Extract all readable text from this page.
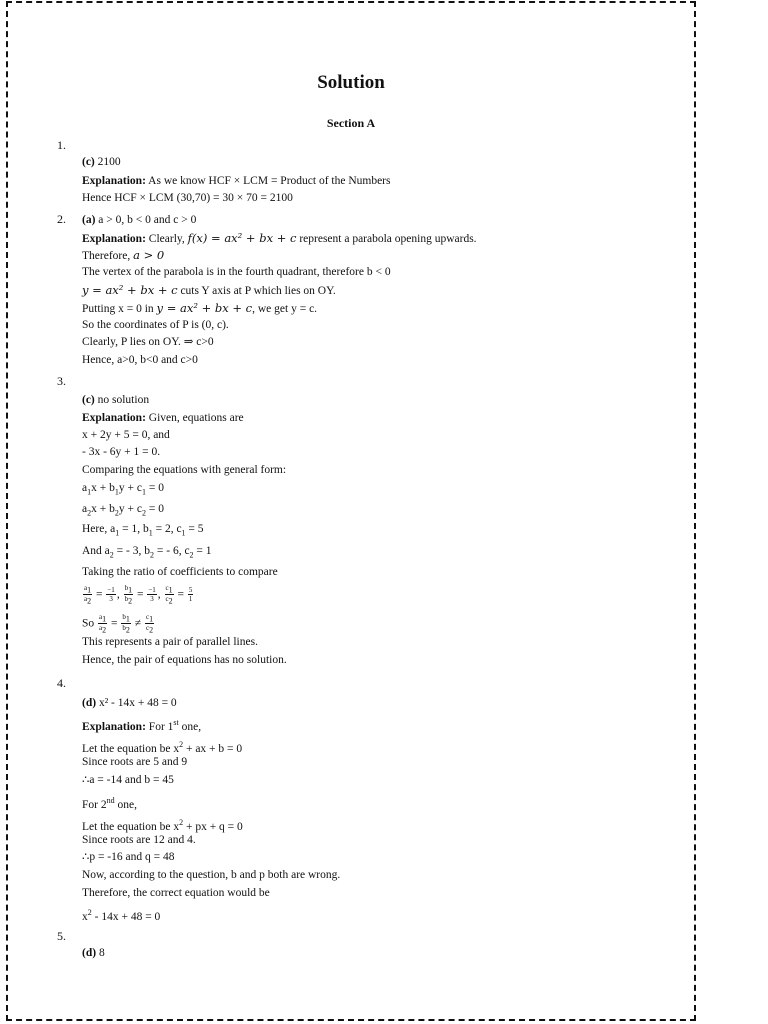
Solution
Section A
1.
(c) 2100
Explanation: As we know HCF × LCM = Product of the Numbers
Hence HCF × LCM (30,70) = 30 × 70 = 2100
2. (a) a > 0, b < 0 and c > 0
Explanation: Clearly, f(x) = ax² + bx + c represent a parabola opening upwards.
Therefore, a > 0
The vertex of the parabola is in the fourth quadrant, therefore b < 0
y = ax² + bx + c cuts Y axis at P which lies on OY.
Putting x = 0 in y = ax² + bx + c, we get y = c.
So the coordinates of P is (0, c).
Clearly, P lies on OY. ⇒ c>0
Hence, a>0, b<0 and c>0
3.
(c) no solution
Explanation: Given, equations are
x + 2y + 5 = 0, and
- 3x - 6y + 1 = 0.
Comparing the equations with general form:
$a_1x + b_1y + c_1 = 0$
$a_2x + b_2y + c_2 = 0$
Here, $a_1 = 1$, $b_1 = 2$, $c_1 = 5$
And $a_2$ = - 3, $b_2$ = - 6, $c_2 = 1$
Taking the ratio of coefficients to compare
$\frac{a_1}{a_2} = \frac{-1}{3}$ , $\frac{b_1}{b_2} = \frac{-1}{3}$ , $\frac{c_1}{c_2} = \frac{5}{1}$
So $\frac{a_1}{a_2} = \frac{b_1}{b_2} \ne \frac{c_1}{c_2}$
This represents a pair of parallel lines.
Hence, the pair of equations has no solution.
4.
(d) x² - 14x + 48 = 0
Explanation: For 1st one,
Let the equation be $x^2$ + ax + b = 0
Since roots are 5 and 9
∴a = -14 and b = 45
For 2nd one,
Let the equation be $x^2$ + px + q = 0
Since roots are 12 and 4.
∴p = -16 and q = 48
Now, according to the question, b and p both are wrong.
Therefore, the correct equation would be
$x^2 - 14x + 48 = 0$
5.
(d) 8
